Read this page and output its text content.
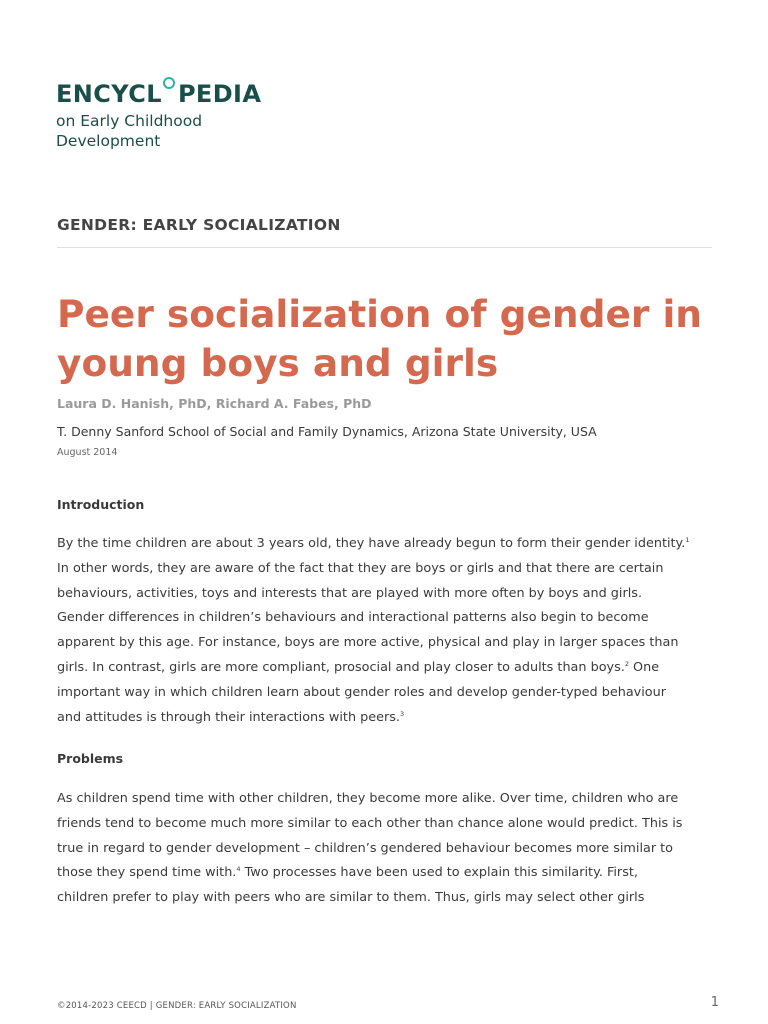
ENCYCL PEDIA
on Early Childhood
Development
GENDER: EARLY SOCIALIZATION
Peer socialization of gender in young boys and girls
Laura D. Hanish, PhD, Richard A. Fabes, PhD
T. Denny Sanford School of Social and Family Dynamics, Arizona State University, USA
August 2014
Introduction
By the time children are about 3 years old, they have already begun to form their gender identity.$^1$
In other words, they are aware of the fact that they are boys or girls and that there are certain
behaviours, activities, toys and interests that are played with more often by boys and girls.
Gender differences in children’s behaviours and interactional patterns also begin to become
apparent by this age. For instance, boys are more active, physical and play in larger spaces than
girls. In contrast, girls are more compliant, prosocial and play closer to adults than boys.$^2$ One
important way in which children learn about gender roles and develop gender-typed behaviour
and attitudes is through their interactions with peers.$^3$
Problems
As children spend time with other children, they become more alike. Over time, children who are
friends tend to become much more similar to each other than chance alone would predict. This is
true in regard to gender development – children’s gendered behaviour becomes more similar to
those they spend time with.$^4$ Two processes have been used to explain this similarity. First,
children prefer to play with peers who are similar to them. Thus, girls may select other girls
©2014-2023 CEECD | GENDER: EARLY SOCIALIZATION	1
